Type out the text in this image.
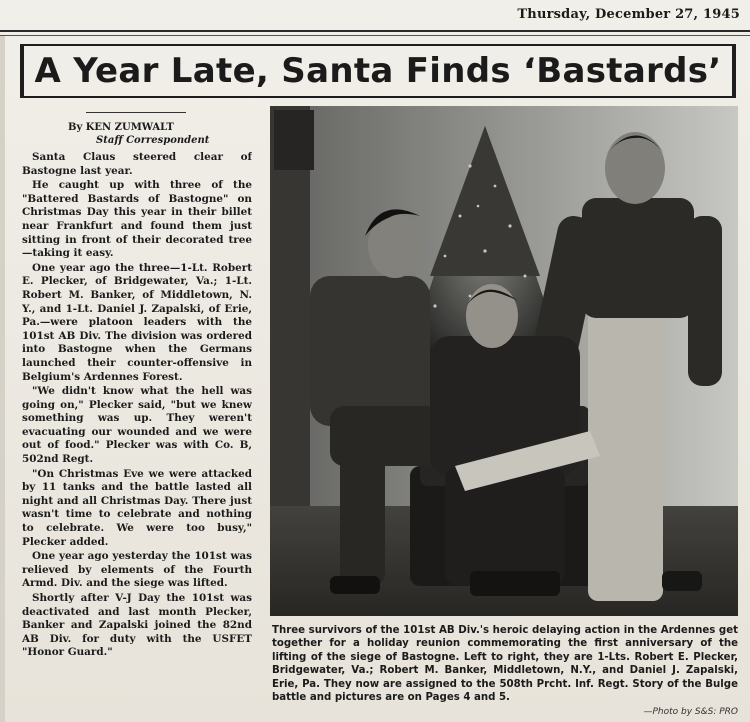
Thursday, December 27, 1945
A Year Late, Santa Finds ‘Bastards’
By KEN ZUMWALT
Staff Correspondent

Santa Claus steered clear of Bastogne last year.

He caught up with three of the "Battered Bastards of Bastogne" on Christmas Day this year in their billet near Frankfurt and found them just sitting in front of their decorated tree—taking it easy.

One year ago the three—1-Lt. Robert E. Plecker, of Bridgewater, Va.; 1-Lt. Robert M. Banker, of Middletown, N. Y., and 1-Lt. Daniel J. Zapalski, of Erie, Pa.—were platoon leaders with the 101st AB Div. The division was ordered into Bastogne when the Germans launched their counter-offensive in Belgium's Ardennes Forest.

"We didn't know what the hell was going on," Plecker said, "but we knew something was up. They weren't evacuating our wounded and we were out of food." Plecker was with Co. B, 502nd Regt.

"On Christmas Eve we were attacked by 11 tanks and the battle lasted all night and all Christmas Day. There just wasn't time to celebrate and nothing to celebrate. We were too busy," Plecker added.

One year ago yesterday the 101st was relieved by elements of the Fourth Armd. Div. and the siege was lifted.

Shortly after V-J Day the 101st was deactivated and last month Plecker, Banker and Zapalski joined the 82nd AB Div. for duty with the USFET "Honor Guard."

Three survivors of the 101st AB Div.'s heroic delaying action in the Ardennes get together for a holiday reunion commemorating the first anniversary of the lifting of the siege of Bastogne. Left to right, they are 1-Lts. Robert E. Plecker, Bridgewater, Va.; Robert M. Banker, Middletown, N.Y., and Daniel J. Zapalski, Erie, Pa. They now are assigned to the 508th Prcht. Inf. Regt. Story of the Bulge battle and pictures are on Pages 4 and 5.
—Photo by S&S: PRO
